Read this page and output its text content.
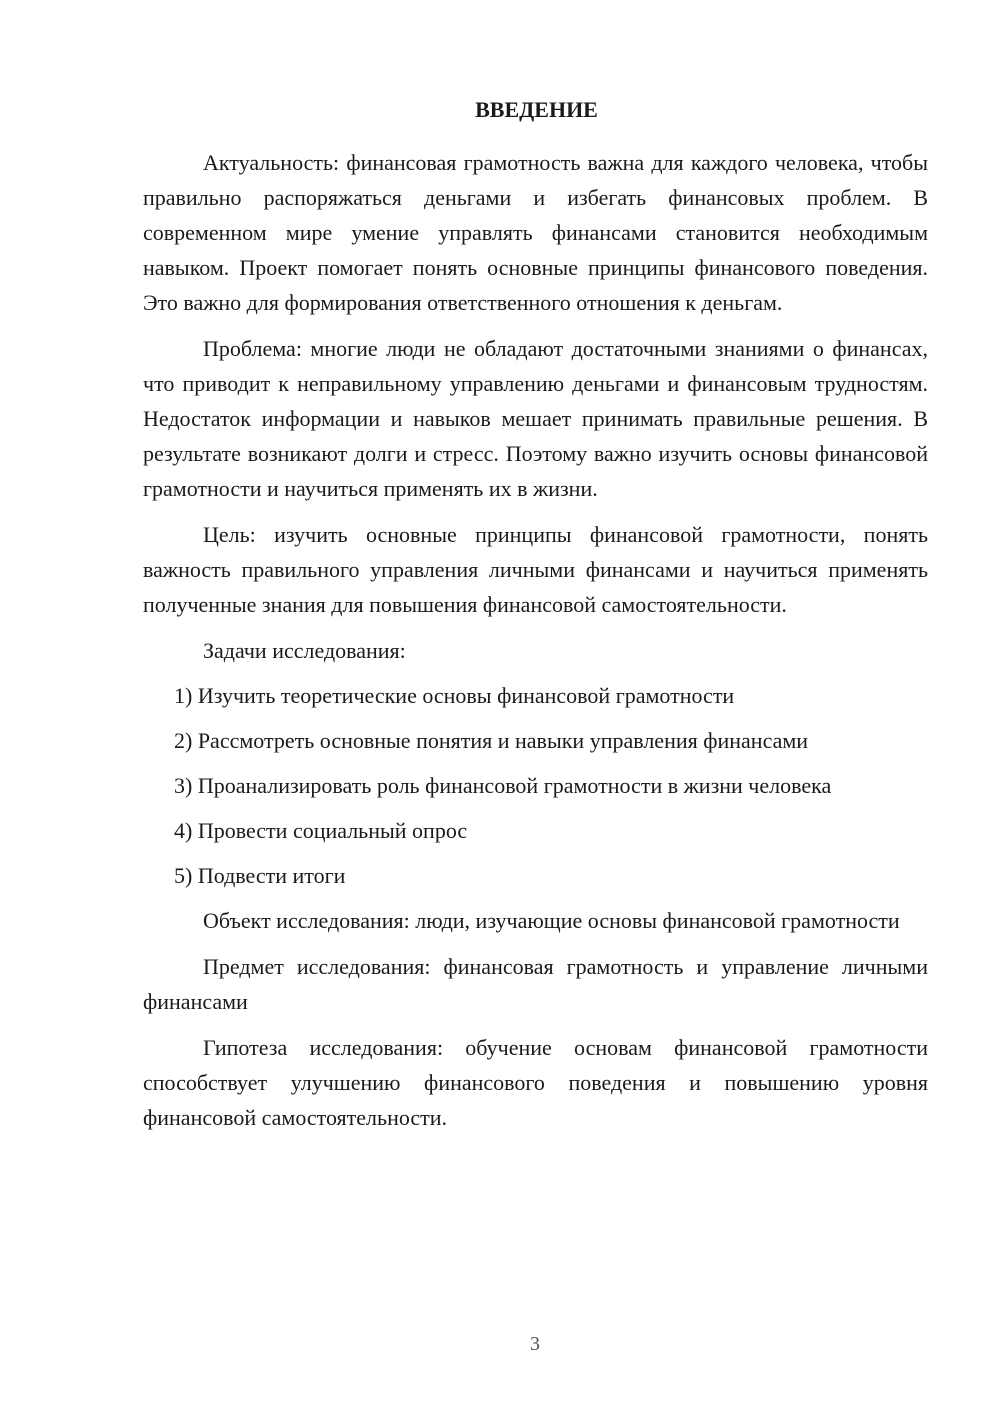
ВВЕДЕНИЕ

Актуальность: финансовая грамотность важна для каждого человека, чтобы правильно распоряжаться деньгами и избегать финансовых проблем. В современном мире умение управлять финансами становится необходимым навыком. Проект помогает понять основные принципы финансового поведения. Это важно для формирования ответственного отношения к деньгам.

Проблема: многие люди не обладают достаточными знаниями о финансах, что приводит к неправильному управлению деньгами и финансовым трудностям. Недостаток информации и навыков мешает принимать правильные решения. В результате возникают долги и стресс. Поэтому важно изучить основы финансовой грамотности и научиться применять их в жизни.

Цель: изучить основные принципы финансовой грамотности, понять важность правильного управления личными финансами и научиться применять полученные знания для повышения финансовой самостоятельности.

Задачи исследования:

1) Изучить теоретические основы финансовой грамотности
2) Рассмотреть основные понятия и навыки управления финансами
3) Проанализировать роль финансовой грамотности в жизни человека
4) Провести социальный опрос
5) Подвести итоги

Объект исследования: люди, изучающие основы финансовой грамотности

Предмет исследования: финансовая грамотность и управление личными финансами

Гипотеза исследования: обучение основам финансовой грамотности способствует улучшению финансового поведения и повышению уровня финансовой самостоятельности.

3
